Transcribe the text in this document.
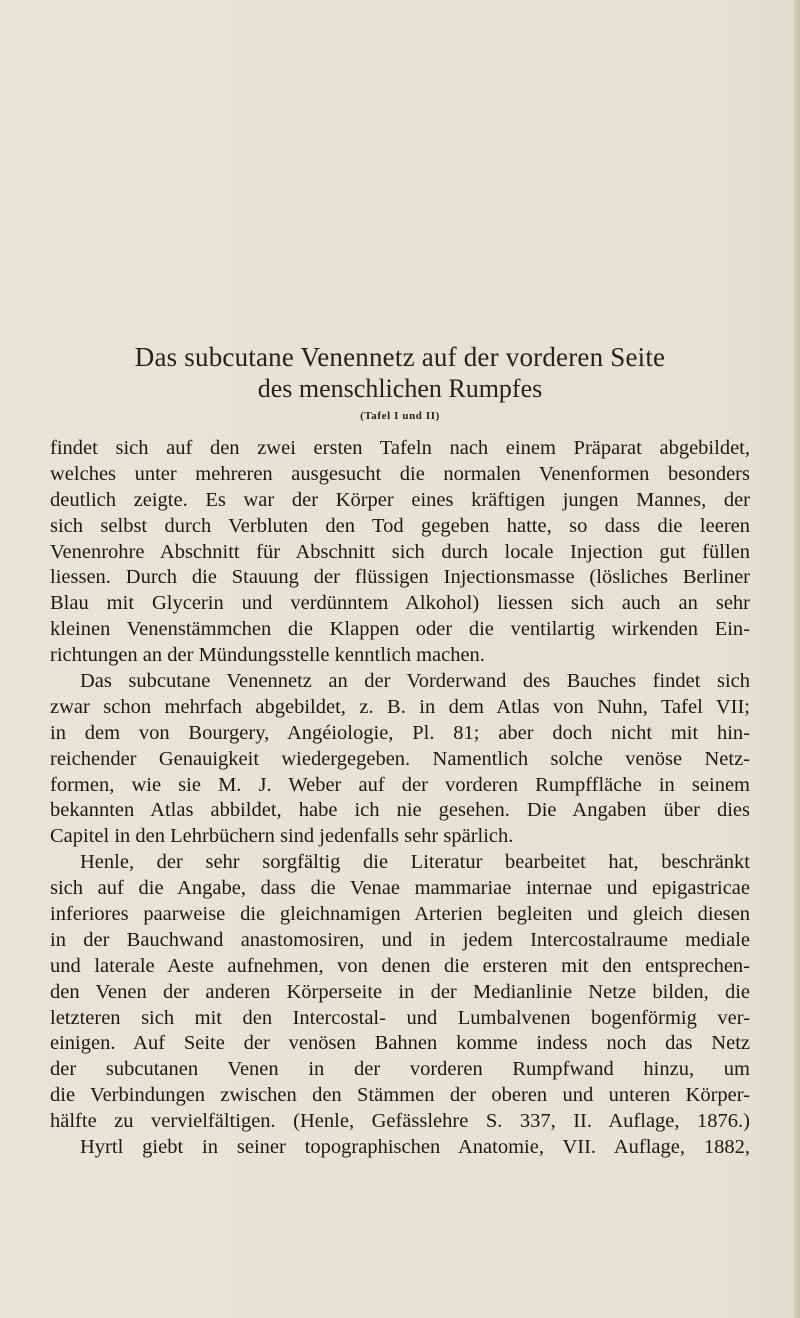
Das subcutane Venennetz auf der vorderen Seite
des menschlichen Rumpfes
(Tafel I und II)
findet sich auf den zwei ersten Tafeln nach einem Präparat abgebildet,
welches unter mehreren ausgesucht die normalen Venenformen besonders
deutlich zeigte. Es war der Körper eines kräftigen jungen Mannes, der
sich selbst durch Verbluten den Tod gegeben hatte, so dass die leeren
Venenrohre Abschnitt für Abschnitt sich durch locale Injection gut füllen
liessen. Durch die Stauung der flüssigen Injectionsmasse (lösliches Berliner
Blau mit Glycerin und verdünntem Alkohol) liessen sich auch an sehr
kleinen Venenstämmchen die Klappen oder die ventilartig wirkenden Ein-
richtungen an der Mündungsstelle kenntlich machen.
Das subcutane Venennetz an der Vorderwand des Bauches findet sich
zwar schon mehrfach abgebildet, z. B. in dem Atlas von Nuhn, Tafel VII;
in dem von Bourgery, Angéiologie, Pl. 81; aber doch nicht mit hin-
reichender Genauigkeit wiedergegeben. Namentlich solche venöse Netz-
formen, wie sie M. J. Weber auf der vorderen Rumpffläche in seinem
bekannten Atlas abbildet, habe ich nie gesehen. Die Angaben über dies
Capitel in den Lehrbüchern sind jedenfalls sehr spärlich.
Henle, der sehr sorgfältig die Literatur bearbeitet hat, beschränkt
sich auf die Angabe, dass die Venae mammariae internae und epigastricae
inferiores paarweise die gleichnamigen Arterien begleiten und gleich diesen
in der Bauchwand anastomosiren, und in jedem Intercostalraume mediale
und laterale Aeste aufnehmen, von denen die ersteren mit den entsprechen-
den Venen der anderen Körperseite in der Medianlinie Netze bilden, die
letzteren sich mit den Intercostal- und Lumbalvenen bogenförmig ver-
einigen. Auf Seite der venösen Bahnen komme indess noch das Netz
der subcutanen Venen in der vorderen Rumpfwand hinzu, um
die Verbindungen zwischen den Stämmen der oberen und unteren Körper-
hälfte zu vervielfältigen. (Henle, Gefässlehre S. 337, II. Auflage, 1876.)
Hyrtl giebt in seiner topographischen Anatomie, VII. Auflage, 1882,
